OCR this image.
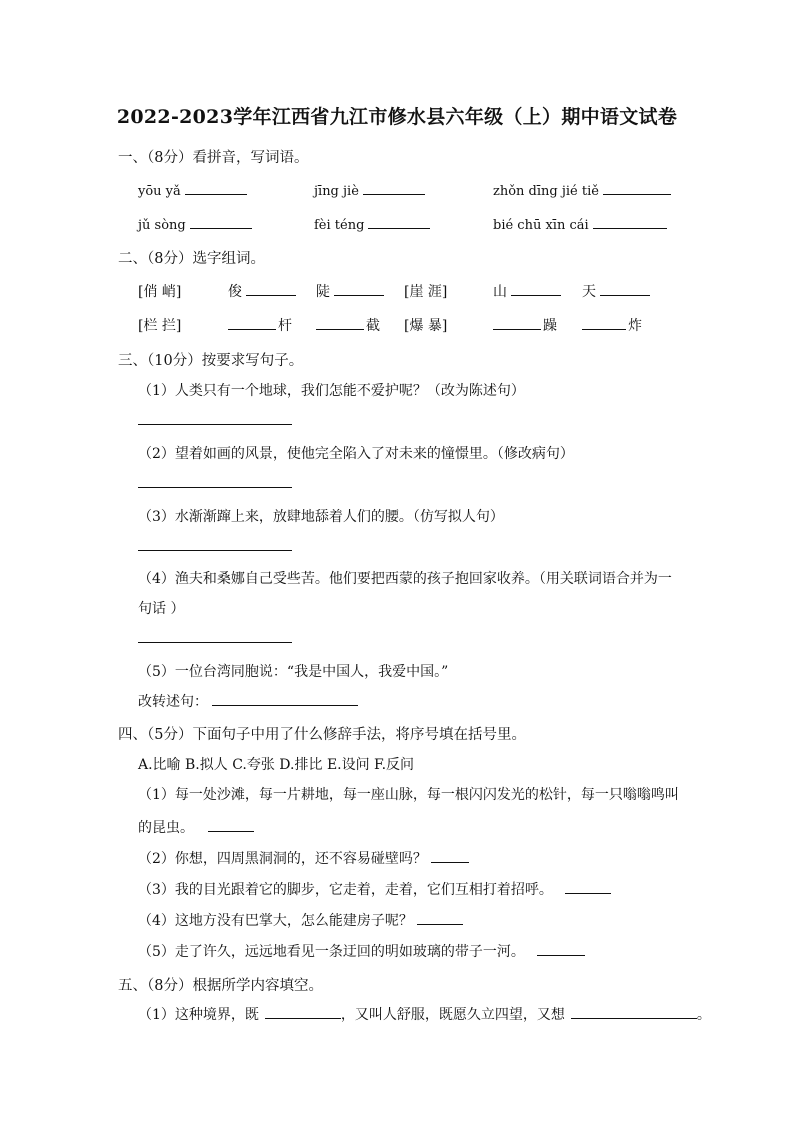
2022-2023学年江西省九江市修水县六年级（上）期中语文试卷
一、（8分）看拼音，写词语。
yōu yǎ	jīng jiè	zhǒn dīng jié tiě
jǔ sòng	fèi téng	bié chū xīn cái
二、（8分）选字组词。
[俏 峭]	俊	陡	[崖 涯]	山	天
[栏 拦]	杆	截 [爆 暴]	躁	炸
三、（10分）按要求写句子。
（1）人类只有一个地球，我们怎能不爱护呢？（改为陈述句）
（2）望着如画的风景，使他完全陷入了对未来的憧憬里。（修改病句）
（3）水渐渐蹿上来，放肆地舔着人们的腰。（仿写拟人句）
（4）渔夫和桑娜自己受些苦。他们要把西蒙的孩子抱回家收养。（用关联词语合并为一
句话 ）
（5）一位台湾同胞说：“我是中国人，我爱中国。”
改转述句：
四、（5分）下面句子中用了什么修辞手法，将序号填在括号里。
A.比喻 B.拟人 C.夸张 D.排比 E.设问 F.反问
（1）每一处沙滩，每一片耕地，每一座山脉，每一根闪闪发光的松针，每一只嗡嗡鸣叫
的昆虫。
（2）你想，四周黑洞洞的，还不容易碰壁吗？
（3）我的目光跟着它的脚步，它走着，走着，它们互相打着招呼。
（4）这地方没有巴掌大，怎么能建房子呢？
（5）走了许久，远远地看见一条迂回的明如玻璃的带子一河。
五、（8分）根据所学内容填空。
（1）这种境界，既	，又叫人舒服，既愿久立四望，又想	。
